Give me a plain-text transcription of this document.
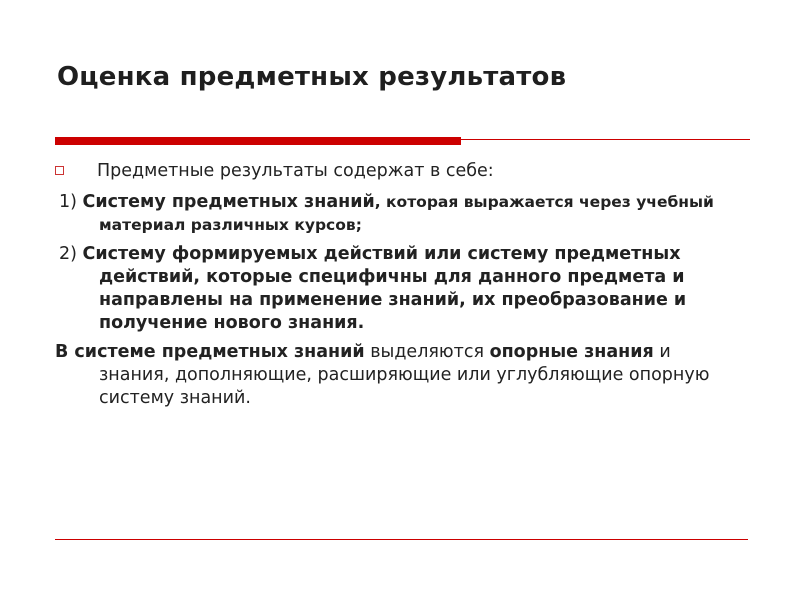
Оценка предметных результатов

Предметные результаты содержат в себе:

1) Системy предметных знаний, которая выражается через учебный материал различных курсов;

2) Систему формируемых действий или систему предметных действий, которые специфичны для данного предмета и направлены на применение знаний, их преобразование и получение нового знания.

В системе предметных знаний выделяются опорные знания и знания, дополняющие, расширяющие или углубляющие опорную систему знаний.
